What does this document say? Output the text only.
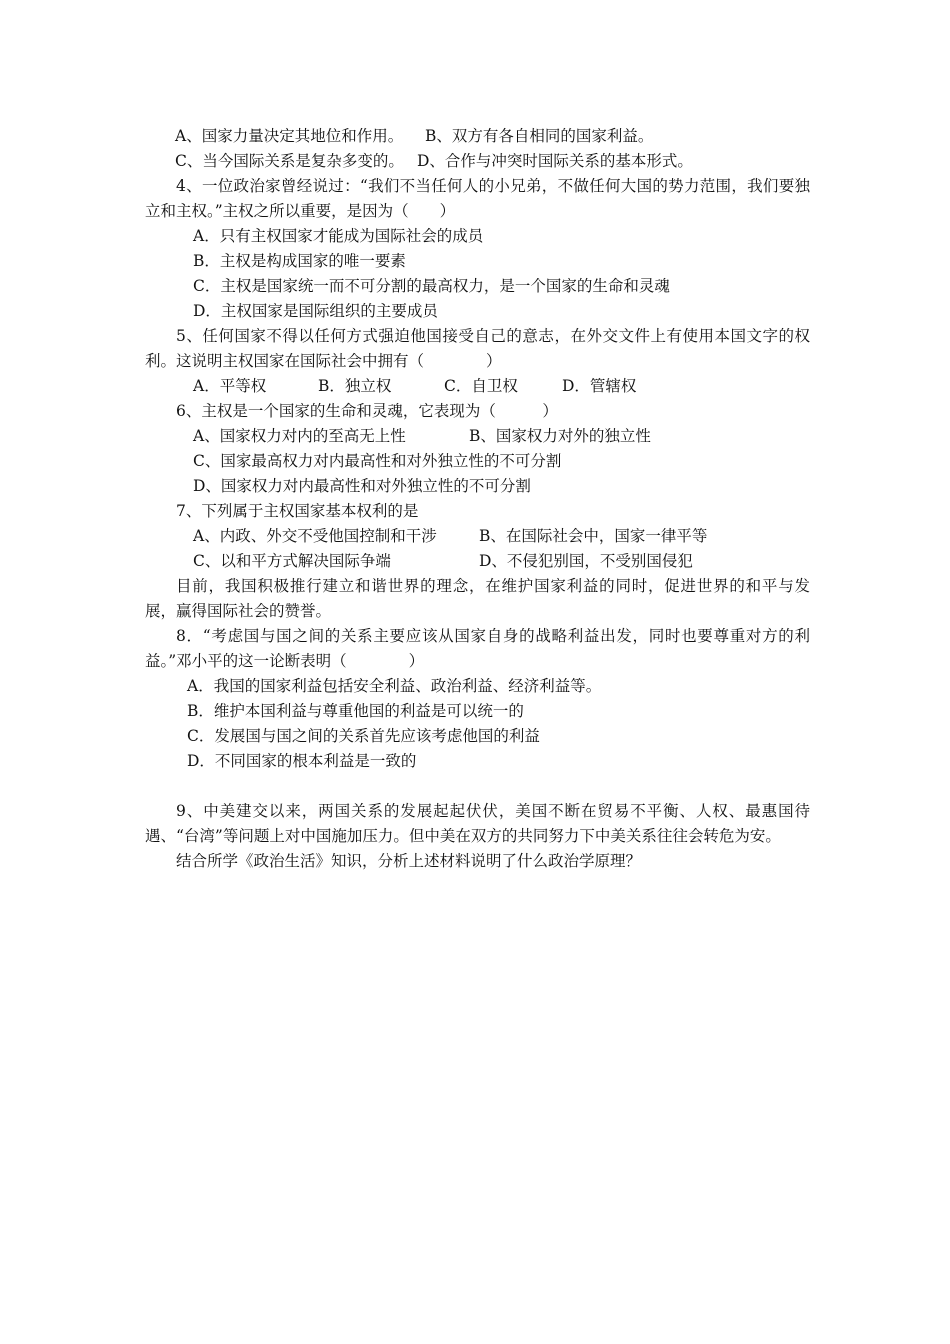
A、国家力量决定其地位和作用。	B、双方有各自相同的国家利益。
C、当今国际关系是复杂多变的。 D、合作与冲突时国际关系的基本形式。
4、一位政治家曾经说过：“我们不当任何人的小兄弟，不做任何大国的势力范围，我们要独立和主权。”主权之所以重要，是因为（　　）
A．只有主权国家才能成为国际社会的成员
B．主权是构成国家的唯一要素
C．主权是国家统一而不可分割的最高权力，是一个国家的生命和灵魂
D．主权国家是国际组织的主要成员
5、任何国家不得以任何方式强迫他国接受自己的意志，在外交文件上有使用本国文字的权利。这说明主权国家在国际社会中拥有（　　　　）
A．平等权	B．独立权	C．自卫权	D．管辖权
6、主权是一个国家的生命和灵魂，它表现为（　　　）
A、国家权力对内的至高无上性	B、国家权力对外的独立性
C、国家最高权力对内最高性和对外独立性的不可分割
D、国家权力对内最高性和对外独立性的不可分割
7、下列属于主权国家基本权利的是
A、内政、外交不受他国控制和干涉	B、在国际社会中，国家一律平等
C、以和平方式解决国际争端	D、不侵犯别国，不受别国侵犯
目前，我国积极推行建立和谐世界的理念，在维护国家利益的同时，促进世界的和平与发展，赢得国际社会的赞誉。
8．“考虑国与国之间的关系主要应该从国家自身的战略利益出发，同时也要尊重对方的利益。”邓小平的这一论断表明（　　　　）
A．我国的国家利益包括安全利益、政治利益、经济利益等。
B．维护本国利益与尊重他国的利益是可以统一的
C．发展国与国之间的关系首先应该考虑他国的利益
D．不同国家的根本利益是一致的
9、中美建交以来，两国关系的发展起起伏伏，美国不断在贸易不平衡、人权、最惠国待遇、“台湾”等问题上对中国施加压力。但中美在双方的共同努力下中美关系往往会转危为安。
结合所学《政治生活》知识，分析上述材料说明了什么政治学原理？
